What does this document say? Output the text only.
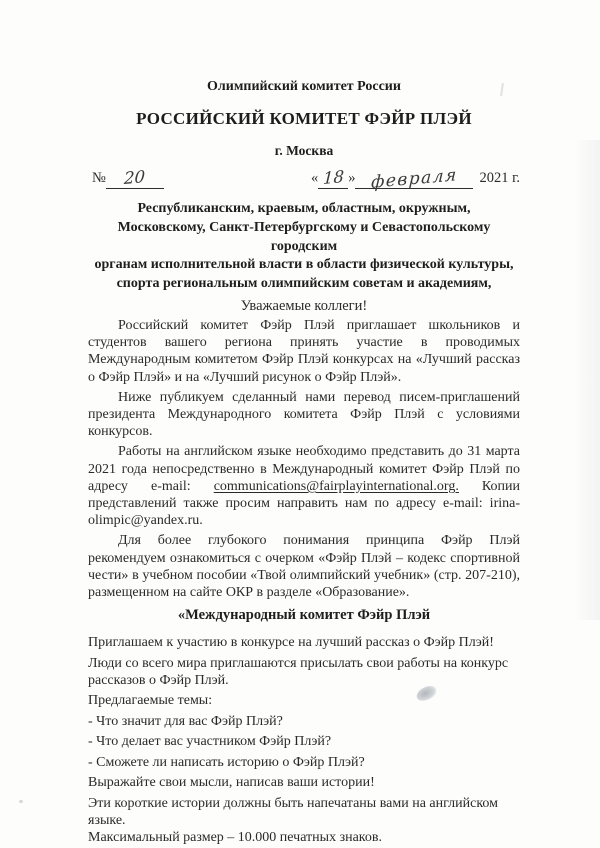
Олимпийский комитет России
РОССИЙСКИЙ КОМИТЕТ ФЭЙР ПЛЭЙ
г. Москва
№ 20	« 18 » февраля	2021 г.
Республиканским, краевым, областным, окружным,
Московскому, Санкт-Петербургскому и Севастопольскому городским
органам исполнительной власти в области физической культуры,
спорта региональным олимпийским советам и академиям,
Уважаемые коллеги!

Российский комитет Фэйр Плэй приглашает школьников и студентов вашего региона принять участие в проводимых Международным комитетом Фэйр Плэй конкурсах на «Лучший рассказ о Фэйр Плэй» и на «Лучший рисунок о Фэйр Плэй».

Ниже публикуем сделанный нами перевод писем-приглашений президента Международного комитета Фэйр Плэй с условиями конкурсов.

Работы на английском языке необходимо представить до 31 марта 2021 года непосредственно в Международный комитет Фэйр Плэй по адресу e-mail: communications@fairplayinternational.org. Копии представлений также просим направить нам по адресу e-mail: irina-olimpic@yandex.ru.

Для более глубокого понимания принципа Фэйр Плэй рекомендуем ознакомиться с очерком «Фэйр Плэй – кодекс спортивной чести» в учебном пособии «Твой олимпийский учебник» (стр. 207-210), размещенном на сайте ОКР в разделе «Образование».

«Международный комитет Фэйр Плэй

Приглашаем к участию в конкурсе на лучший рассказ о Фэйр Плэй!

Люди со всего мира приглашаются присылать свои работы на конкурс
рассказов о Фэйр Плэй.

Предлагаемые темы:

- Что значит для вас Фэйр Плэй?

- Что делает вас участником Фэйр Плэй?

- Сможете ли написать историю о Фэйр Плэй?

Выражайте свои мысли, написав ваши истории!

Эти короткие истории должны быть напечатаны вами на английском языке.
Максимальный размер – 10.000 печатных знаков.
